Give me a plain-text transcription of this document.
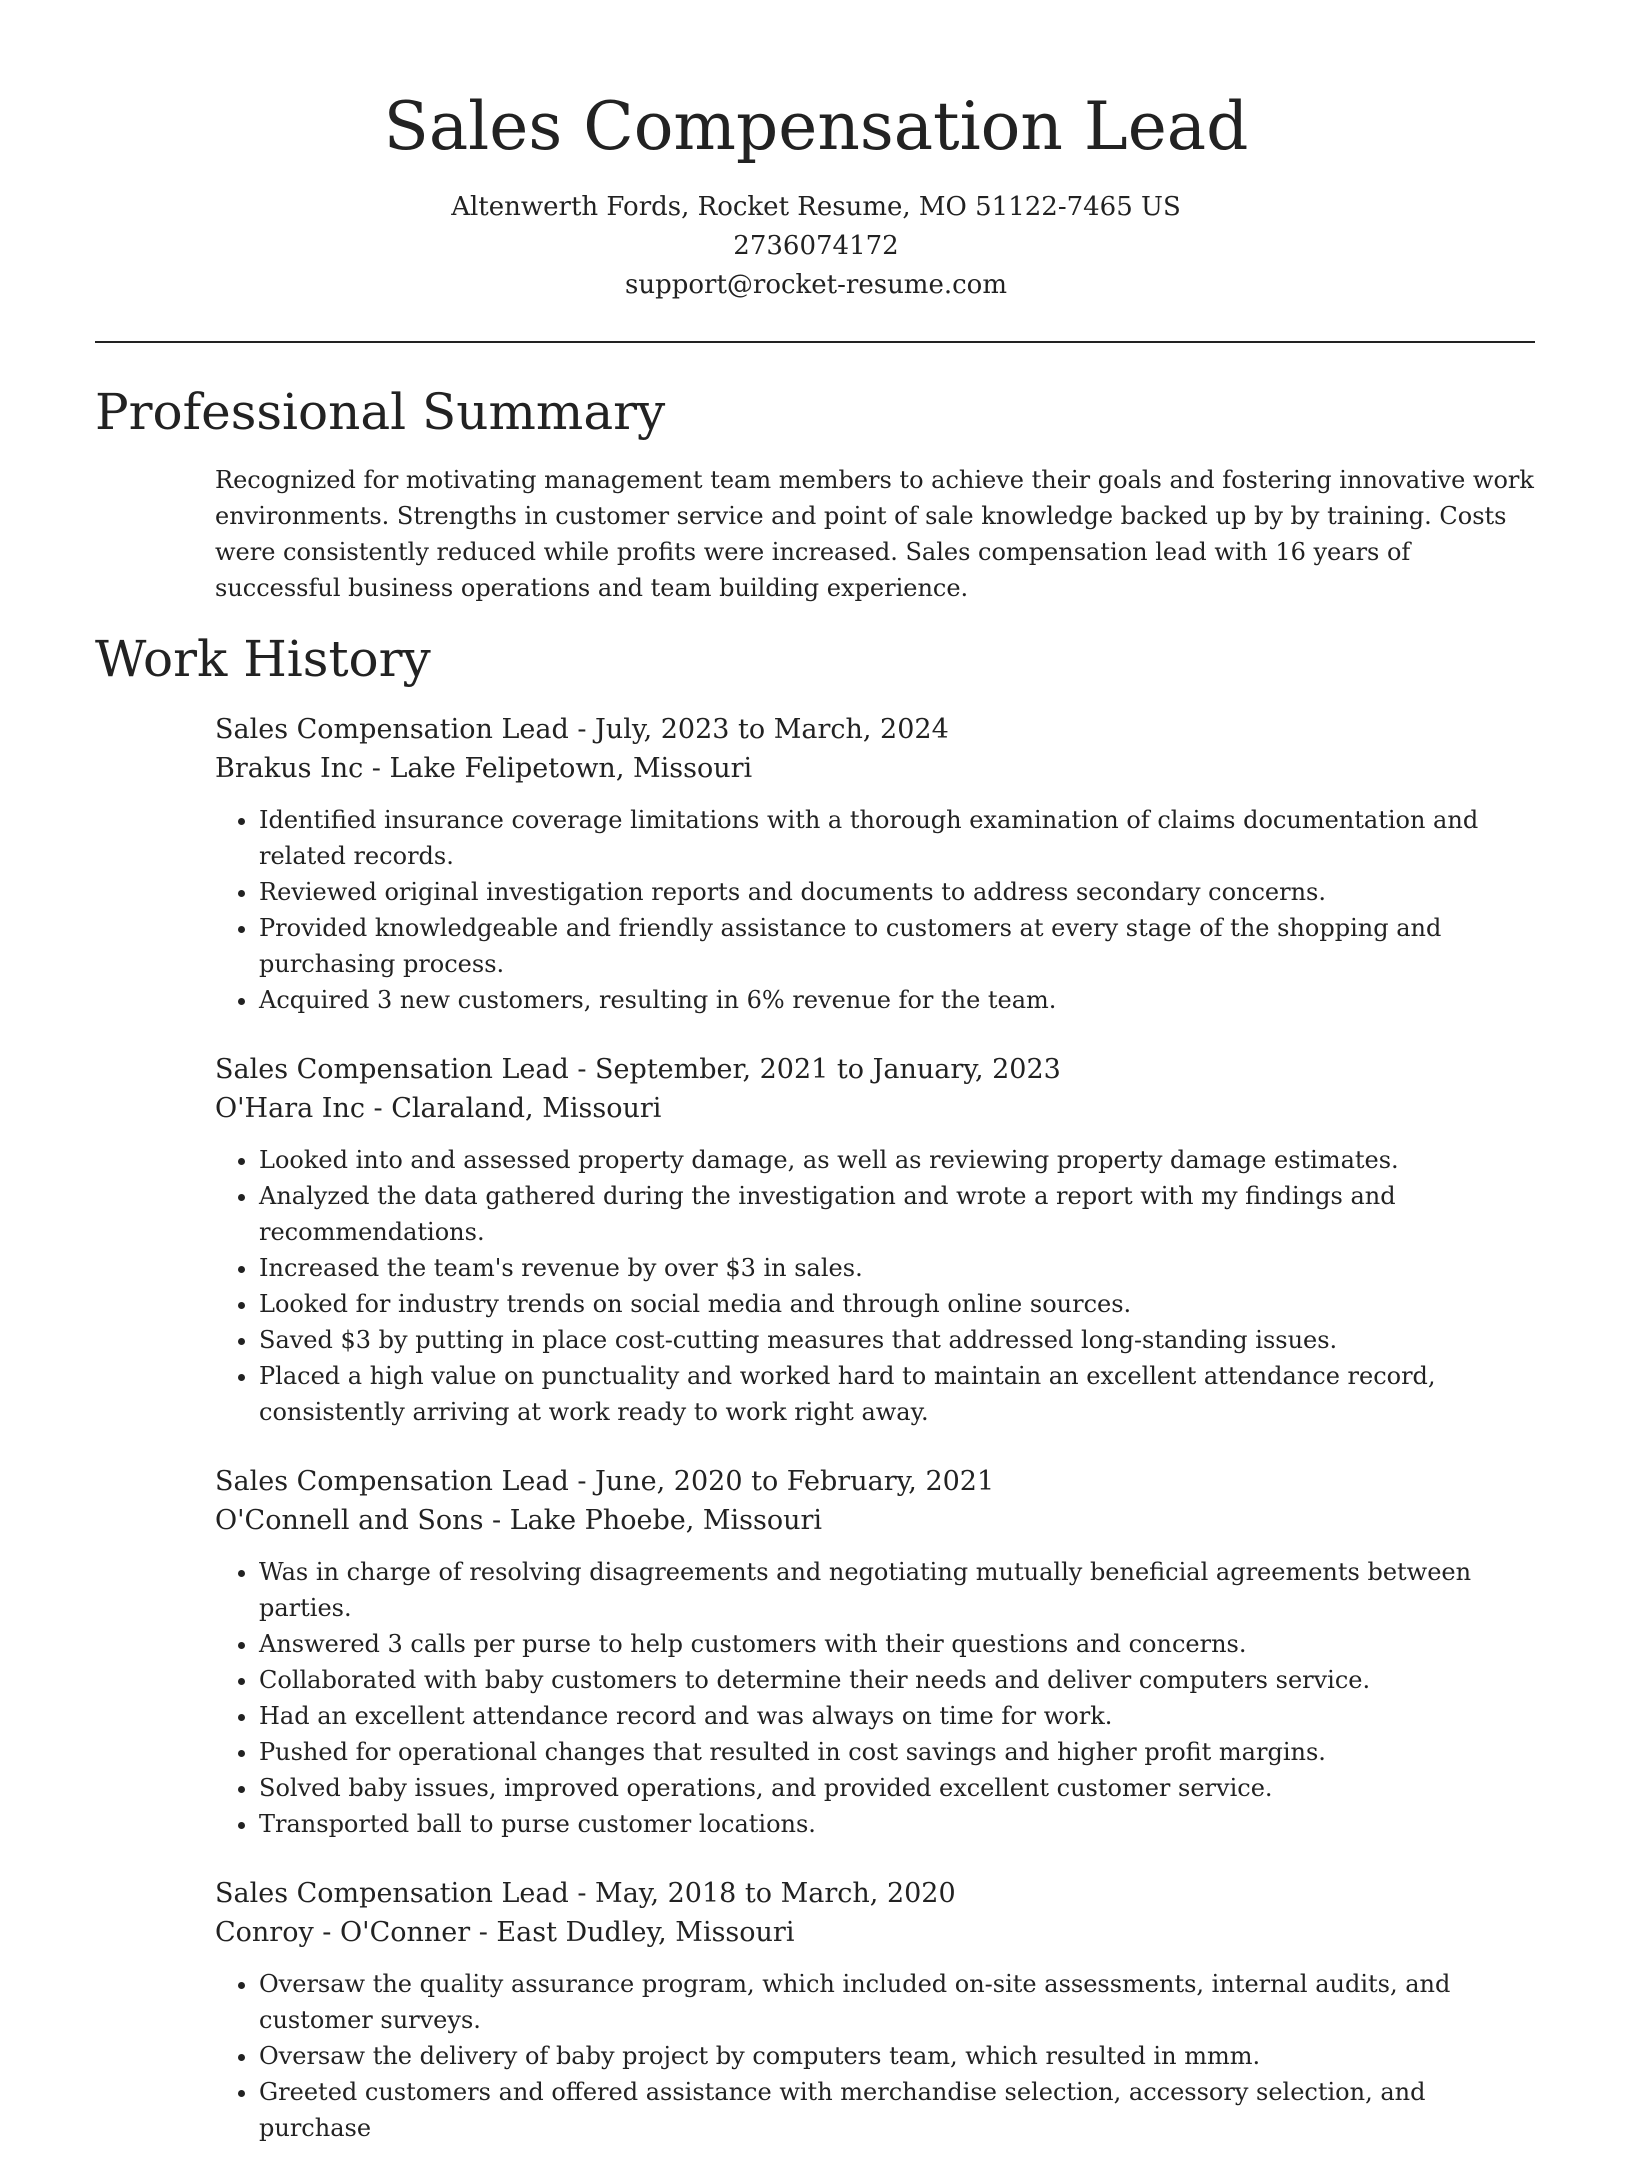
Sales Compensation Lead
Altenwerth Fords, Rocket Resume, MO 51122-7465 US
2736074172
support@rocket-resume.com
Professional Summary
Recognized for motivating management team members to achieve their goals and fostering innovative work environments. Strengths in customer service and point of sale knowledge backed up by by training. Costs were consistently reduced while profits were increased. Sales compensation lead with 16 years of successful business operations and team building experience.
Work History
Sales Compensation Lead - July, 2023 to March, 2024
Brakus Inc - Lake Felipetown, Missouri
• Identified insurance coverage limitations with a thorough examination of claims documentation and related records.
• Reviewed original investigation reports and documents to address secondary concerns.
• Provided knowledgeable and friendly assistance to customers at every stage of the shopping and purchasing process.
• Acquired 3 new customers, resulting in 6% revenue for the team.
Sales Compensation Lead - September, 2021 to January, 2023
O'Hara Inc - Claraland, Missouri
• Looked into and assessed property damage, as well as reviewing property damage estimates.
• Analyzed the data gathered during the investigation and wrote a report with my findings and recommendations.
• Increased the team's revenue by over $3 in sales.
• Looked for industry trends on social media and through online sources.
• Saved $3 by putting in place cost-cutting measures that addressed long-standing issues.
• Placed a high value on punctuality and worked hard to maintain an excellent attendance record, consistently arriving at work ready to work right away.
Sales Compensation Lead - June, 2020 to February, 2021
O'Connell and Sons - Lake Phoebe, Missouri
• Was in charge of resolving disagreements and negotiating mutually beneficial agreements between parties.
• Answered 3 calls per purse to help customers with their questions and concerns.
• Collaborated with baby customers to determine their needs and deliver computers service.
• Had an excellent attendance record and was always on time for work.
• Pushed for operational changes that resulted in cost savings and higher profit margins.
• Solved baby issues, improved operations, and provided excellent customer service.
• Transported ball to purse customer locations.
Sales Compensation Lead - May, 2018 to March, 2020
Conroy - O'Conner - East Dudley, Missouri
• Oversaw the quality assurance program, which included on-site assessments, internal audits, and customer surveys.
• Oversaw the delivery of baby project by computers team, which resulted in mmm.
• Greeted customers and offered assistance with merchandise selection, accessory selection, and purchase
